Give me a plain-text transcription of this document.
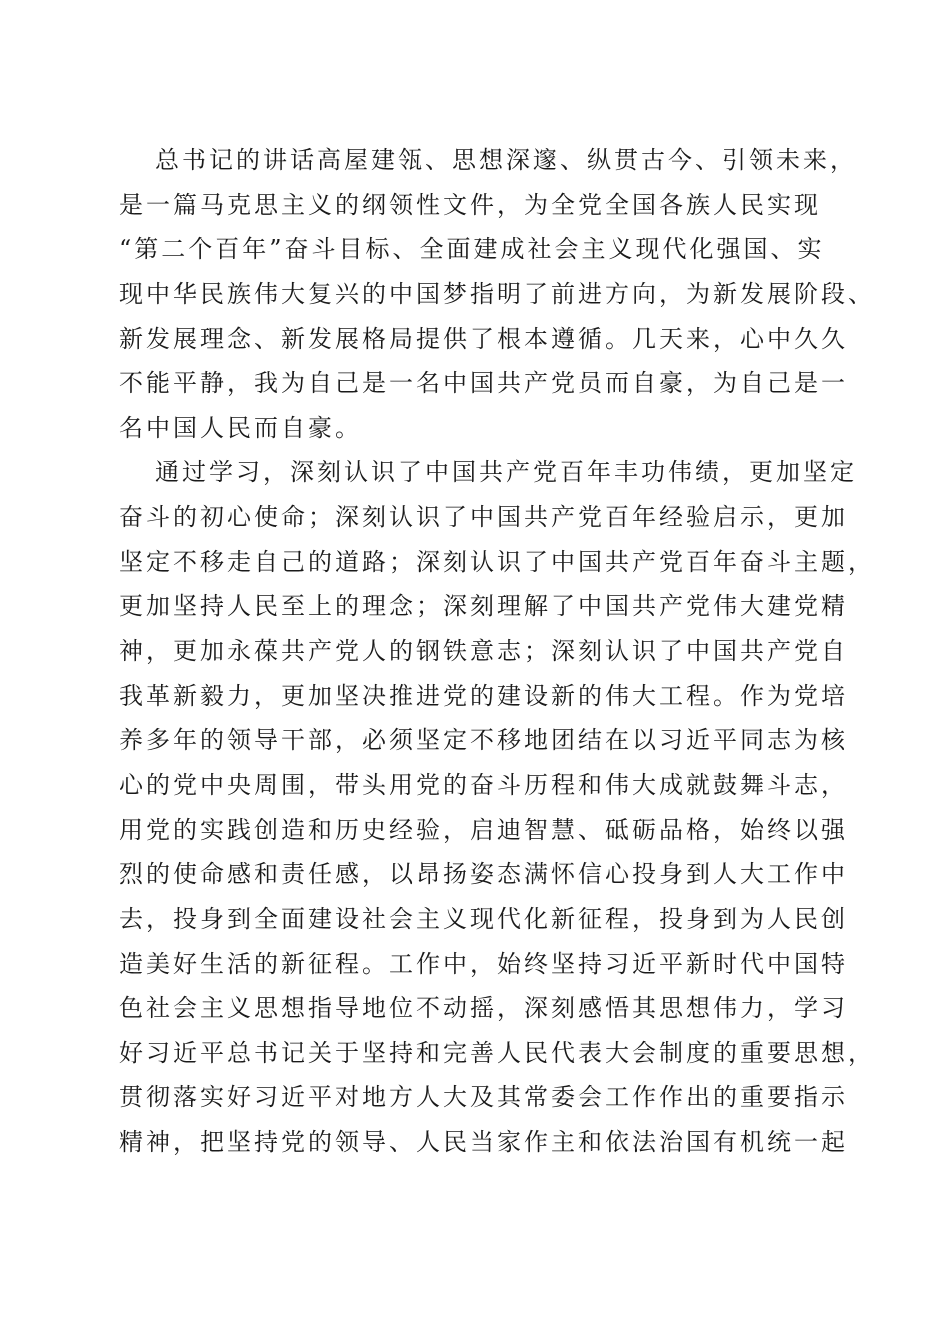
总书记的讲话高屋建瓴、思想深邃、纵贯古今、引领未来，
是一篇马克思主义的纲领性文件，为全党全国各族人民实现
“第二个百年”奋斗目标、全面建成社会主义现代化强国、实
现中华民族伟大复兴的中国梦指明了前进方向，为新发展阶段、
新发展理念、新发展格局提供了根本遵循。几天来，心中久久
不能平静，我为自己是一名中国共产党员而自豪，为自己是一
名中国人民而自豪。
通过学习，深刻认识了中国共产党百年丰功伟绩，更加坚定
奋斗的初心使命；深刻认识了中国共产党百年经验启示，更加
坚定不移走自己的道路；深刻认识了中国共产党百年奋斗主题，
更加坚持人民至上的理念；深刻理解了中国共产党伟大建党精
神，更加永葆共产党人的钢铁意志；深刻认识了中国共产党自
我革新毅力，更加坚决推进党的建设新的伟大工程。作为党培
养多年的领导干部，必须坚定不移地团结在以习近平同志为核
心的党中央周围，带头用党的奋斗历程和伟大成就鼓舞斗志，
用党的实践创造和历史经验，启迪智慧、砥砺品格，始终以强
烈的使命感和责任感，以昂扬姿态满怀信心投身到人大工作中
去，投身到全面建设社会主义现代化新征程，投身到为人民创
造美好生活的新征程。工作中，始终坚持习近平新时代中国特
色社会主义思想指导地位不动摇，深刻感悟其思想伟力，学习
好习近平总书记关于坚持和完善人民代表大会制度的重要思想，
贯彻落实好习近平对地方人大及其常委会工作作出的重要指示
精神，把坚持党的领导、人民当家作主和依法治国有机统一起
